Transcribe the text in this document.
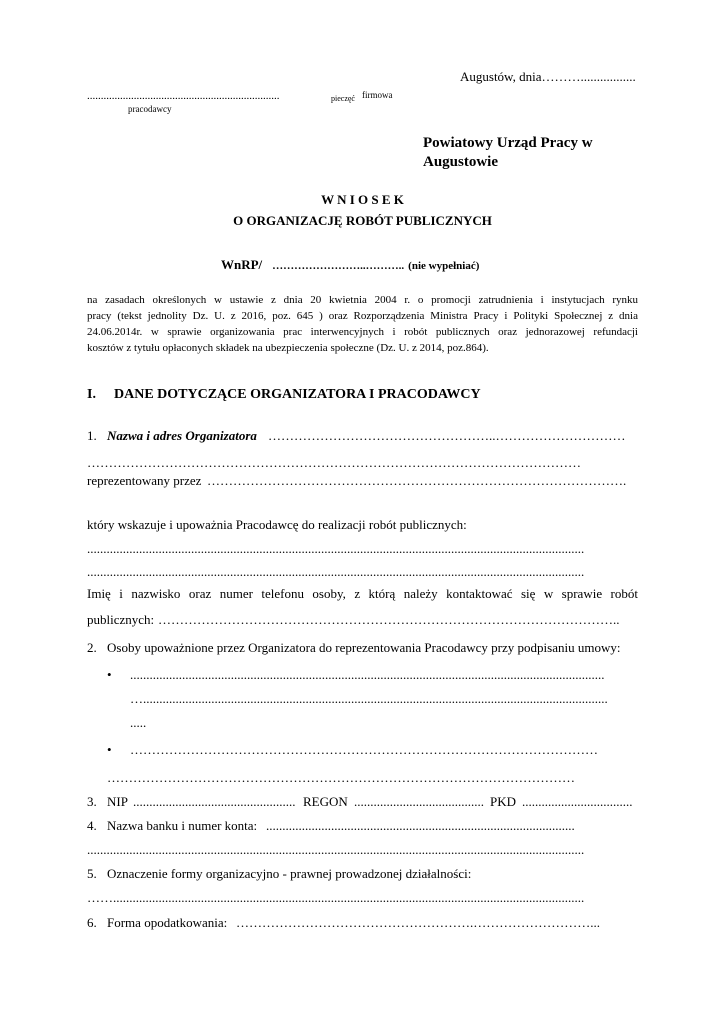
Augustów, dnia……….................
......................................................................	pieczęć firmowa
pracodawcy
Powiatowy Urząd Pracy w
Augustowie
W N I O S E K
O ORGANIZACJĘ ROBÓT PUBLICZNYCH
WnRP/ ……………………..……….. (nie wypełniać)
na zasadach określonych w ustawie z dnia 20 kwietnia 2004 r. o promocji zatrudnienia i instytucjach rynku
pracy (tekst jednolity Dz. U. z 2016, poz. 645 ) oraz Rozporządzenia Ministra Pracy i Polityki Społecznej z dnia
24.06.2014r. w sprawie organizowania prac interwencyjnych i robót publicznych oraz jednorazowej refundacji
kosztów z tytułu opłaconych składek na ubezpieczenia społeczne (Dz. U. z 2014, poz.864).
I. DANE DOTYCZĄCE ORGANIZATORA I PRACODAWCY
1. Nazwa i adres Organizatora ……………………………………………..…………………………
……………………………………………………………………………………………………
reprezentowany przez …………………………………………………………………………………….
który wskazuje i upoważnia Pracodawcę do realizacji robót publicznych:
.........................................................................................................................................................
.........................................................................................................................................................
Imię i nazwisko oraz numer telefonu osoby, z którą należy kontaktować się w sprawie robót
publicznych: ……………………………………………………………………………………………..
2. Osoby upoważnione przez Organizatora do reprezentowania Pracodawcy przy podpisaniu umowy:
• ..................................................................................................................................................
…...............................................................................................................................................
.....
• ………………………………………………………………………………………………
………………………………………………………………………………………………
3. NIP .................................................. REGON ........................................ PKD ..................................
4. Nazwa banku i numer konta: ...............................................................................................
.........................................................................................................................................................
5. Oznaczenie formy organizacyjno - prawnej prowadzonej działalności:
…….................................................................................................................................................
6. Forma opodatkowania: ……………………………………………….………………………...
